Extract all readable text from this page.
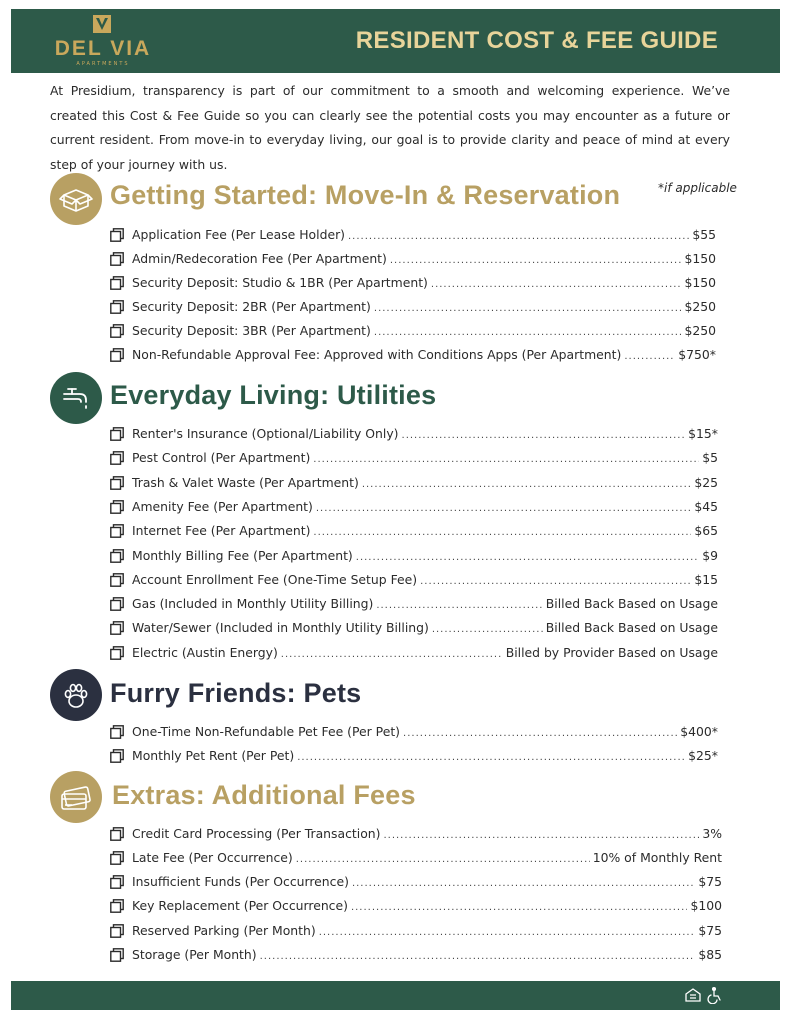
DEL VIA
APARTMENTS
RESIDENT COST & FEE GUIDE
At Presidium, transparency is part of our commitment to a smooth and welcoming experience. We’ve created this Cost & Fee Guide so you can clearly see the potential costs you may encounter as a future or current resident. From move-in to everyday living, our goal is to provide clarity and peace of mind at every step of your journey with us.
Getting Started: Move-In & Reservation	*if applicable
Application Fee (Per Lease Holder) .....	$55
Admin/Redecoration Fee (Per Apartment) .....	$150
Security Deposit: Studio & 1BR (Per Apartment) .....	$150
Security Deposit: 2BR (Per Apartment) .....	$250
Security Deposit: 3BR (Per Apartment) .....	$250
Non-Refundable Approval Fee: Approved with Conditions Apps (Per Apartment) .....	$750*
Everyday Living: Utilities
Renter's Insurance (Optional/Liability Only) .....	$15*
Pest Control (Per Apartment) .....	$5
Trash & Valet Waste (Per Apartment) .....	$25
Amenity Fee (Per Apartment) .....	$45
Internet Fee (Per Apartment) .....	$65
Monthly Billing Fee (Per Apartment) .....	$9
Account Enrollment Fee (One-Time Setup Fee) .....	$15
Gas (Included in Monthly Utility Billing) .....	Billed Back Based on Usage
Water/Sewer (Included in Monthly Utility Billing) .....	Billed Back Based on Usage
Electric (Austin Energy) .....	Billed by Provider Based on Usage
Furry Friends: Pets
One-Time Non-Refundable Pet Fee (Per Pet) .....	$400*
Monthly Pet Rent (Per Pet) .....	$25*
Extras: Additional Fees
Credit Card Processing (Per Transaction) .....	3%
Late Fee (Per Occurrence) .....	10% of Monthly Rent
Insufficient Funds (Per Occurrence) .....	$75
Key Replacement (Per Occurrence) .....	$100
Reserved Parking (Per Month) .....	$75
Storage (Per Month) .....	$85
